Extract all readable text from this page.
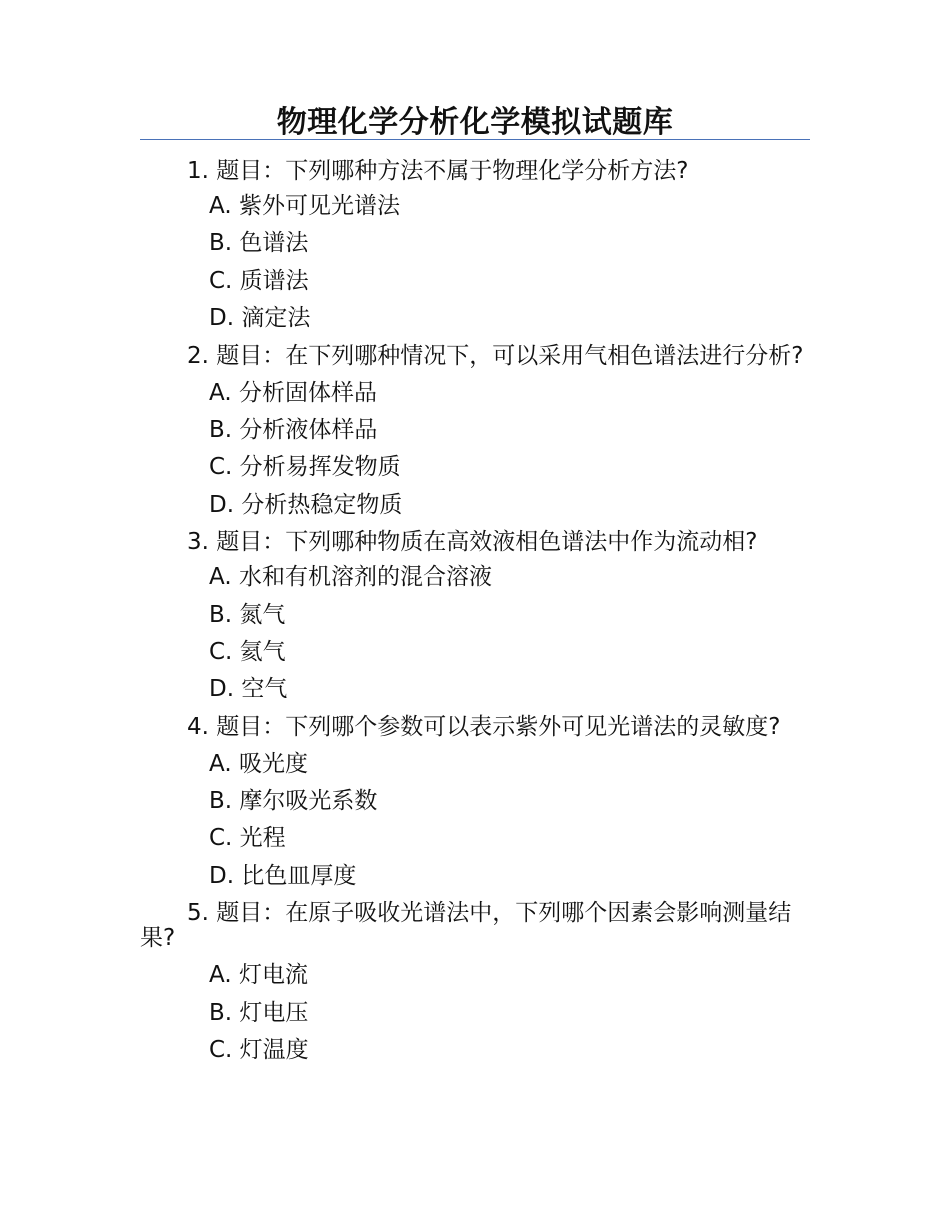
物理化学分析化学模拟试题库
1. 题目：下列哪种方法不属于物理化学分析方法?
A. 紫外可见光谱法
B. 色谱法
C. 质谱法
D. 滴定法
2. 题目：在下列哪种情况下，可以采用气相色谱法进行分析?
A. 分析固体样品
B. 分析液体样品
C. 分析易挥发物质
D. 分析热稳定物质
3. 题目：下列哪种物质在高效液相色谱法中作为流动相?
A. 水和有机溶剂的混合溶液
B. 氮气
C. 氦气
D. 空气
4. 题目：下列哪个参数可以表示紫外可见光谱法的灵敏度?
A. 吸光度
B. 摩尔吸光系数
C. 光程
D. 比色皿厚度
5. 题目：在原子吸收光谱法中，下列哪个因素会影响测量结果?
A. 灯电流
B. 灯电压
C. 灯温度
